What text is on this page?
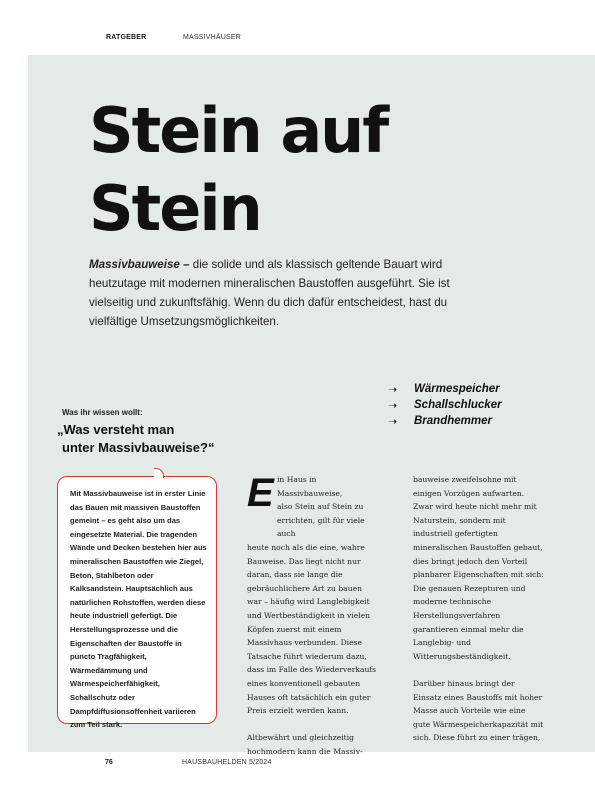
RATGEBER	MASSIVHÄUSER
Stein auf
Stein

Massivbauweise – die solide und als klassisch geltende Bauart wird heutzutage mit modernen mineralischen Baustoffen ausgeführt. Sie ist vielseitig und zukunftsfähig. Wenn du dich dafür entscheidest, hast du vielfältige Umsetzungsmöglichkeiten.

➝	Wärmespeicher
➝	Schallschlucker
➝	Brandhemmer
Was ihr wissen wollt:
„Was versteht man
unter Massivbauweise?“

Mit Massivbauweise ist in erster Linie das Bauen mit massiven Baustoffen gemeint – es geht also um das eingesetzte Material. Die tragenden Wände und Decken bestehen hier aus mineralischen Baustoffen wie Ziegel, Beton, Stahlbeton oder Kalksandstein. Hauptsächlich aus natürlichen Rohstoffen, werden diese heute industriell gefertigt. Die Herstellungsprozesse und die Eigenschaften der Baustoffe in puncto Tragfähigkeit, Wärmedämmung und Wärmespeicherfähigkeit, Schallschutz oder Dampfdiffusionsoffenheit variieren zum Teil stark.

E in Haus in Massivbauweise,
also Stein auf Stein zu
errichten, gilt für viele auch

heute noch als die eine, wahre Bauweise. Das liegt nicht nur daran, dass sie lange die gebräuchlichere Art zu bauen war – häufig wird Langlebigkeit und Wertbeständigkeit in vielen Köpfen zuerst mit einem Massivhaus verbunden. Diese Tatsache führt wiederum dazu, dass im Falle des Wiederverkaufs eines konventionell gebauten Hauses oft tatsächlich ein guter Preis erzielt werden kann.

Altbewährt und gleichzeitig hochmodern kann die Massiv-

bauweise zweifelsohne mit einigen Vorzügen aufwarten. Zwar wird heute nicht mehr mit Naturstein, sondern mit industriell gefertigten mineralischen Baustoffen gebaut, dies bringt jedoch den Vorteil planbarer Eigenschaften mit sich: Die genauen Rezepturen und moderne technische Herstellungsverfahren garantieren einmal mehr die Langlebig- und Witterungsbeständigkeit.

Darüber hinaus bringt der Einsatz eines Baustoffs mit hoher Masse auch Vorteile wie eine gute Wärmespeicherkapazität mit sich. Diese führt zu einer trägen,

76	HAUSBAUHELDEN 5/2024
